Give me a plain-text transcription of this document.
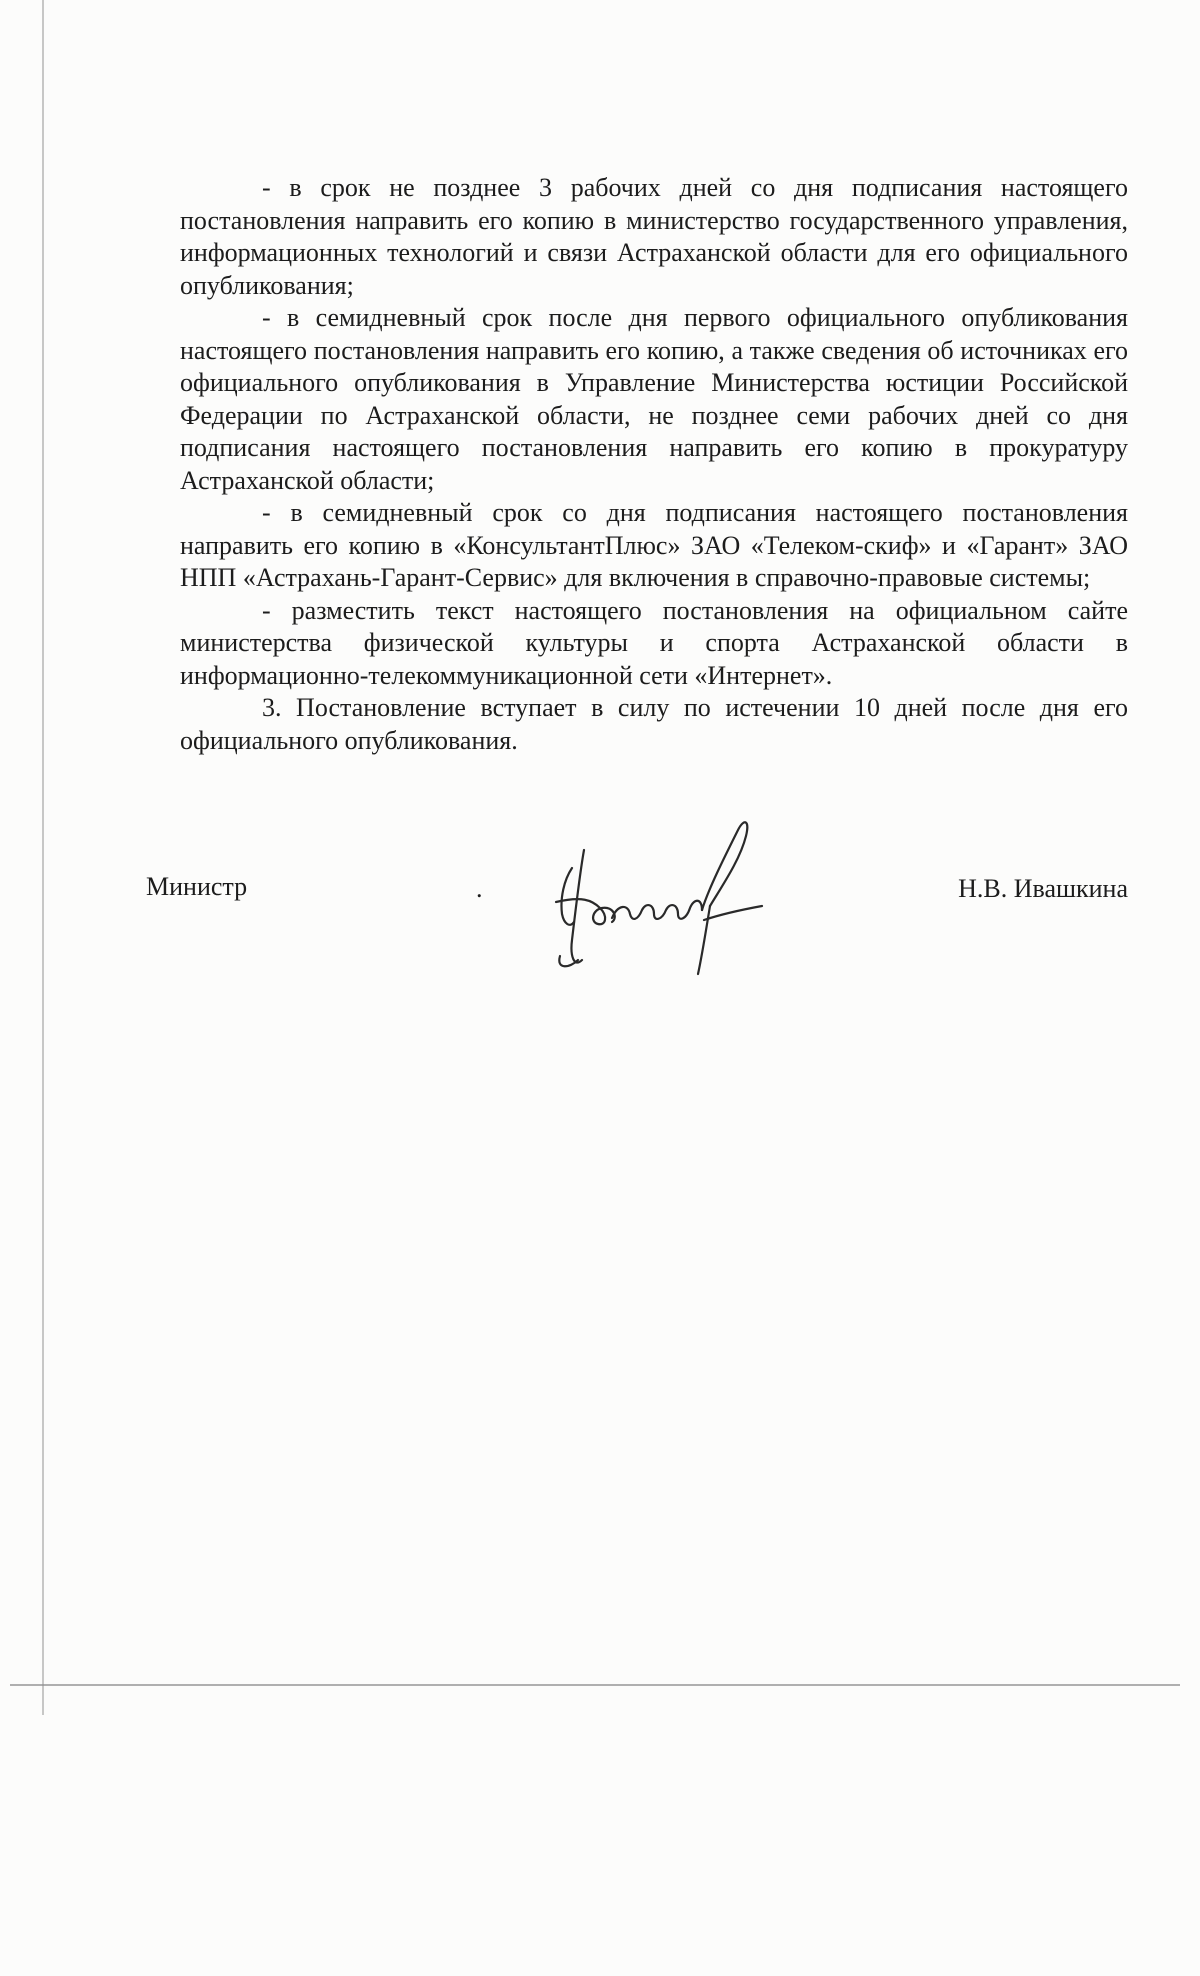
- в срок не позднее 3 рабочих дней со дня подписания настоящего постановления направить его копию в министерство государственного управления, информационных технологий и связи Астраханской области для его официального опубликования;

- в семидневный срок после дня первого официального опубликования настоящего постановления направить его копию, а также сведения об источниках его официального опубликования в Управление Министерства юстиции Российской Федерации по Астраханской области, не позднее семи рабочих дней со дня подписания настоящего постановления направить его копию в прокуратуру Астраханской области;

- в семидневный срок со дня подписания настоящего постановления направить его копию в «КонсультантПлюс» ЗАО «Телеком-скиф» и «Гарант» ЗАО НПП «Астрахань-Гарант-Сервис» для включения в справочно-правовые системы;

- разместить текст настоящего постановления на официальном сайте министерства физической культуры и спорта Астраханской области в информационно-телекоммуникационной сети «Интернет».

3. Постановление вступает в силу по истечении 10 дней после дня его официального опубликования.

Министр	.	Н.В. Ивашкина
